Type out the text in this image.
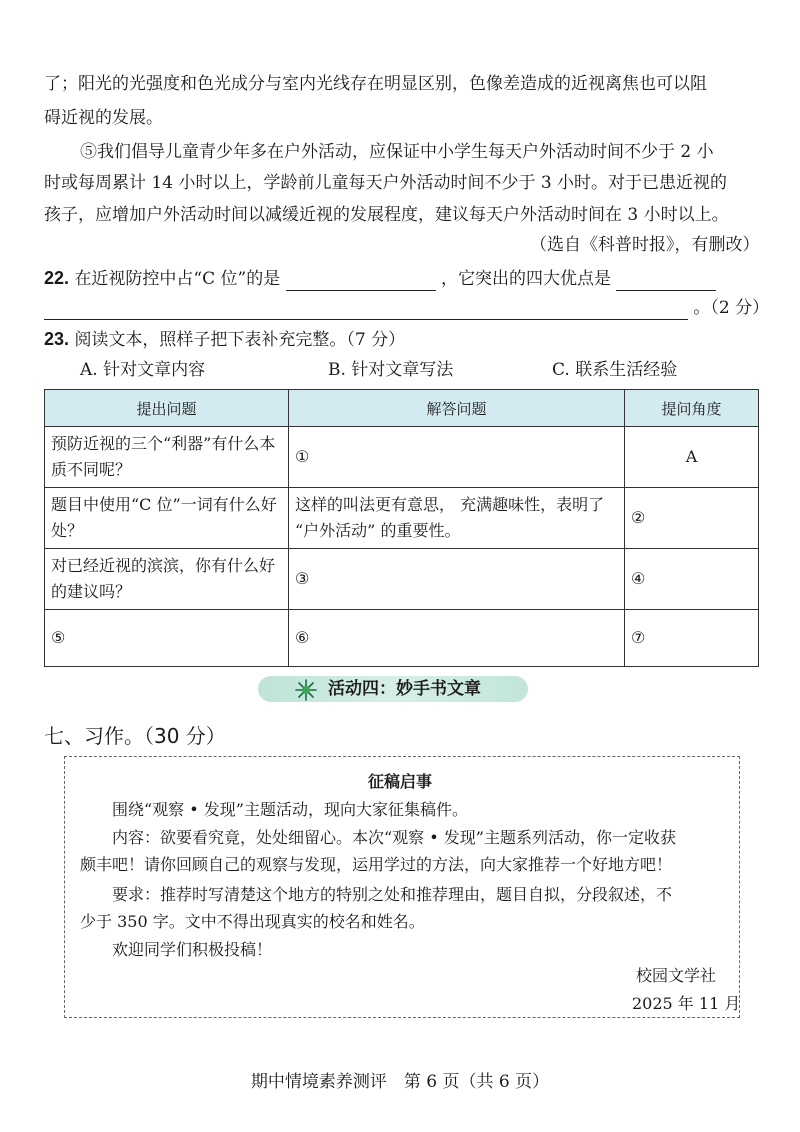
了；阳光的光强度和色光成分与室内光线存在明显区别，色像差造成的近视离焦也可以阻
碍近视的发展。
⑤我们倡导儿童青少年多在户外活动，应保证中小学生每天户外活动时间不少于 2 小
时或每周累计 14 小时以上，学龄前儿童每天户外活动时间不少于 3 小时。对于已患近视的
孩子，应增加户外活动时间以减缓近视的发展程度，建议每天户外活动时间在 3 小时以上。
（选自《科普时报》，有删改）
22. 在近视防控中占“C 位”的是	，它突出的四大优点是
。（2 分）
23. 阅读文本，照样子把下表补充完整。（7 分）
A. 针对文章内容	B. 针对文章写法	C. 联系生活经验
提出问题	解答问题	提问角度
预防近视的三个“利器”有什么本质不同呢？	①	A
题目中使用“C 位”一词有什么好处？	这样的叫法更有意思， 充满趣味性，表明了 “户外活动” 的重要性。	②
对已经近视的滨滨，你有什么好的建议吗？	③	④
⑤	⑥	⑦
活动四：妙手书文章
七、习作。（30 分）
征稿启事
围绕“观察 • 发现”主题活动，现向大家征集稿件。
内容：欲要看究竟，处处细留心。本次“观察 • 发现”主题系列活动，你一定收获
颇丰吧！请你回顾自己的观察与发现，运用学过的方法，向大家推荐一个好地方吧！
要求：推荐时写清楚这个地方的特别之处和推荐理由，题目自拟，分段叙述，不
少于 350 字。文中不得出现真实的校名和姓名。
欢迎同学们积极投稿！
校园文学社
2025 年 11 月
期中情境素养测评　第 6 页（共 6 页）
